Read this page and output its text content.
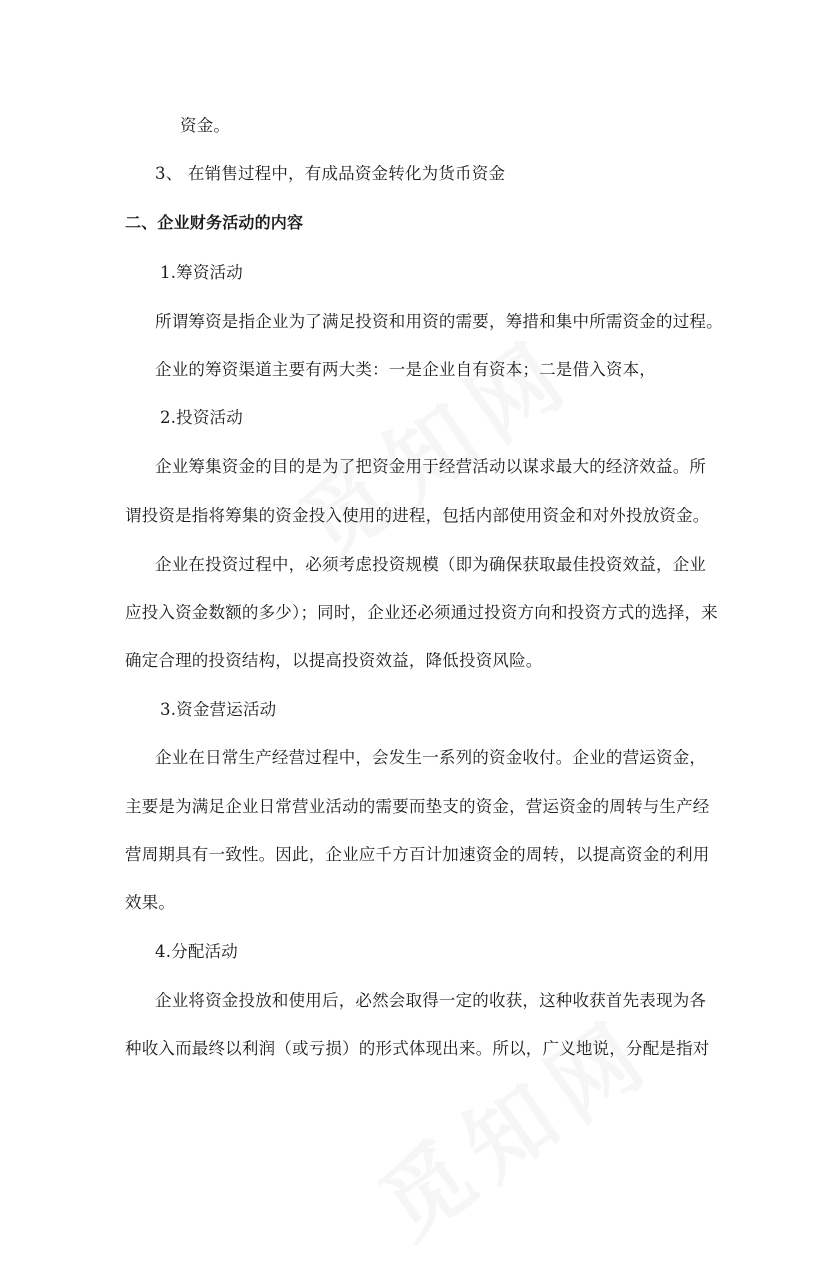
资金。

3、 在销售过程中，有成品资金转化为货币资金

二、企业财务活动的内容

1.筹资活动

所谓筹资是指企业为了满足投资和用资的需要，筹措和集中所需资金的过程。

企业的筹资渠道主要有两大类：一是企业自有资本；二是借入资本，

2.投资活动

企业筹集资金的目的是为了把资金用于经营活动以谋求最大的经济效益。所

谓投资是指将筹集的资金投入使用的进程，包括内部使用资金和对外投放资金。

企业在投资过程中，必须考虑投资规模（即为确保获取最佳投资效益，企业

应投入资金数额的多少）；同时，企业还必须通过投资方向和投资方式的选择，来

确定合理的投资结构，以提高投资效益，降低投资风险。

3.资金营运活动

企业在日常生产经营过程中，会发生一系列的资金收付。企业的营运资金，

主要是为满足企业日常营业活动的需要而垫支的资金，营运资金的周转与生产经

营周期具有一致性。因此，企业应千方百计加速资金的周转，以提高资金的利用

效果。

4.分配活动

企业将资金投放和使用后，必然会取得一定的收获，这种收获首先表现为各

种收入而最终以利润（或亏损）的形式体现出来。所以，广义地说，分配是指对
